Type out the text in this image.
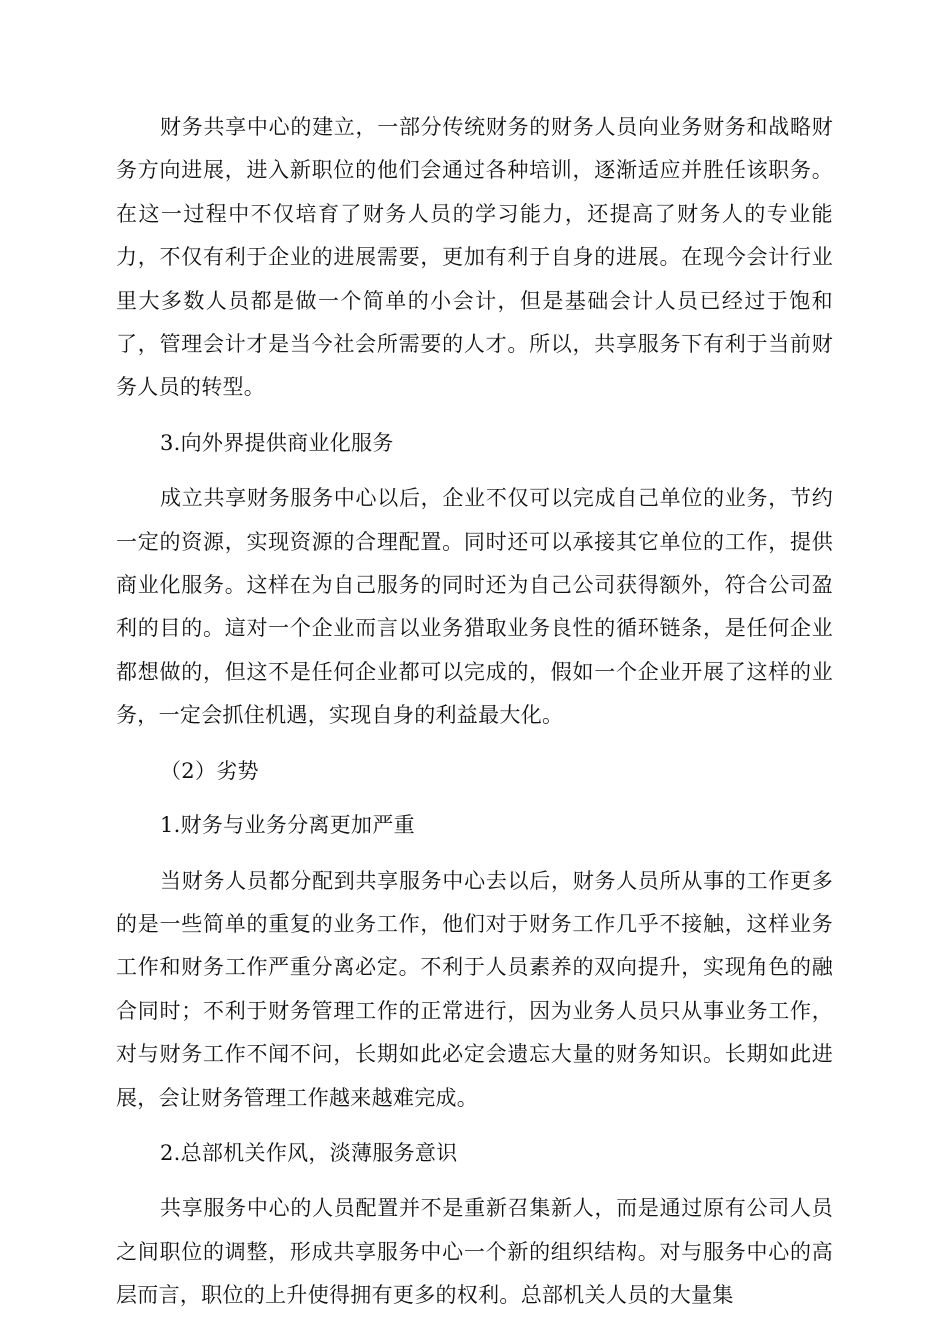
财务共享中心的建立，一部分传统财务的财务人员向业务财务和战略财务方向进展，进入新职位的他们会通过各种培训，逐渐适应并胜任该职务。在这一过程中不仅培育了财务人员的学习能力，还提高了财务人的专业能力，不仅有利于企业的进展需要，更加有利于自身的进展。在现今会计行业里大多数人员都是做一个简单的小会计，但是基础会计人员已经过于饱和了，管理会计才是当今社会所需要的人才。所以，共享服务下有利于当前财务人员的转型。

3.向外界提供商业化服务

成立共享财务服务中心以后，企业不仅可以完成自己单位的业务，节约一定的资源，实现资源的合理配置。同时还可以承接其它单位的工作，提供商业化服务。这样在为自己服务的同时还为自己公司获得额外，符合公司盈利的目的。這对一个企业而言以业务猎取业务良性的循环链条，是任何企业都想做的，但这不是任何企业都可以完成的，假如一个企业开展了这样的业务，一定会抓住机遇，实现自身的利益最大化。

（2）劣势

1.财务与业务分离更加严重

当财务人员都分配到共享服务中心去以后，财务人员所从事的工作更多的是一些简单的重复的业务工作，他们对于财务工作几乎不接触，这样业务工作和财务工作严重分离必定。不利于人员素养的双向提升，实现角色的融合同时；不利于财务管理工作的正常进行，因为业务人员只从事业务工作，对与财务工作不闻不问，长期如此必定会遗忘大量的财务知识。长期如此进展，会让财务管理工作越来越难完成。

2.总部机关作风，淡薄服务意识

共享服务中心的人员配置并不是重新召集新人，而是通过原有公司人员之间职位的调整，形成共享服务中心一个新的组织结构。对与服务中心的高层而言，职位的上升使得拥有更多的权利。总部机关人员的大量集
